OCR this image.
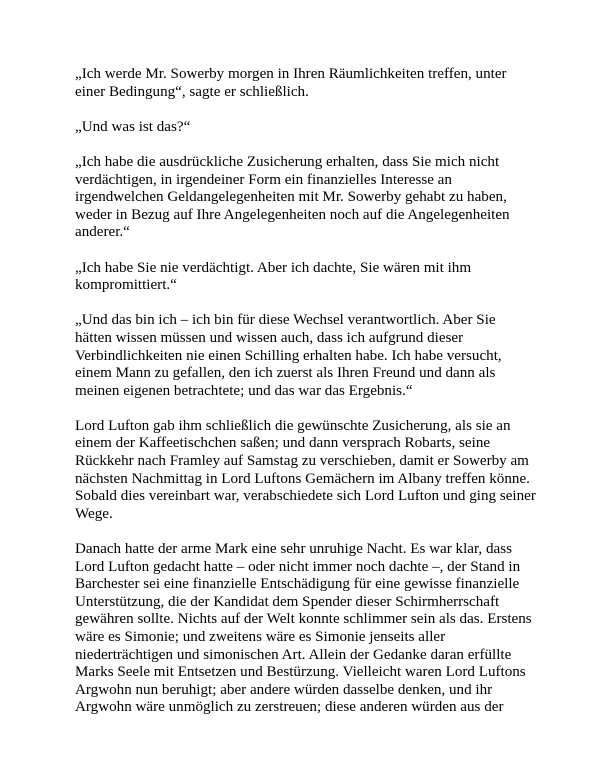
„Ich werde Mr. Sowerby morgen in Ihren Räumlichkeiten treffen, unter
einer Bedingung“, sagte er schließlich.

„Und was ist das?“

„Ich habe die ausdrückliche Zusicherung erhalten, dass Sie mich nicht
verdächtigen, in irgendeiner Form ein finanzielles Interesse an
irgendwelchen Geldangelegenheiten mit Mr. Sowerby gehabt zu haben,
weder in Bezug auf Ihre Angelegenheiten noch auf die Angelegenheiten
anderer.“

„Ich habe Sie nie verdächtigt. Aber ich dachte, Sie wären mit ihm
kompromittiert.“

„Und das bin ich – ich bin für diese Wechsel verantwortlich. Aber Sie
hätten wissen müssen und wissen auch, dass ich aufgrund dieser
Verbindlichkeiten nie einen Schilling erhalten habe. Ich habe versucht,
einem Mann zu gefallen, den ich zuerst als Ihren Freund und dann als
meinen eigenen betrachtete; und das war das Ergebnis.“

Lord Lufton gab ihm schließlich die gewünschte Zusicherung, als sie an
einem der Kaffeetischchen saßen; und dann versprach Robarts, seine
Rückkehr nach Framley auf Samstag zu verschieben, damit er Sowerby am
nächsten Nachmittag in Lord Luftons Gemächern im Albany treffen könne.
Sobald dies vereinbart war, verabschiedete sich Lord Lufton und ging seiner
Wege.

Danach hatte der arme Mark eine sehr unruhige Nacht. Es war klar, dass
Lord Lufton gedacht hatte – oder nicht immer noch dachte –, der Stand in
Barchester sei eine finanzielle Entschädigung für eine gewisse finanzielle
Unterstützung, die der Kandidat dem Spender dieser Schirmherrschaft
gewähren sollte. Nichts auf der Welt konnte schlimmer sein als das. Erstens
wäre es Simonie; und zweitens wäre es Simonie jenseits aller
niederträchtigen und simonischen Art. Allein der Gedanke daran erfüllte
Marks Seele mit Entsetzen und Bestürzung. Vielleicht waren Lord Luftons
Argwohn nun beruhigt; aber andere würden dasselbe denken, und ihr
Argwohn wäre unmöglich zu zerstreuen; diese anderen würden aus der
